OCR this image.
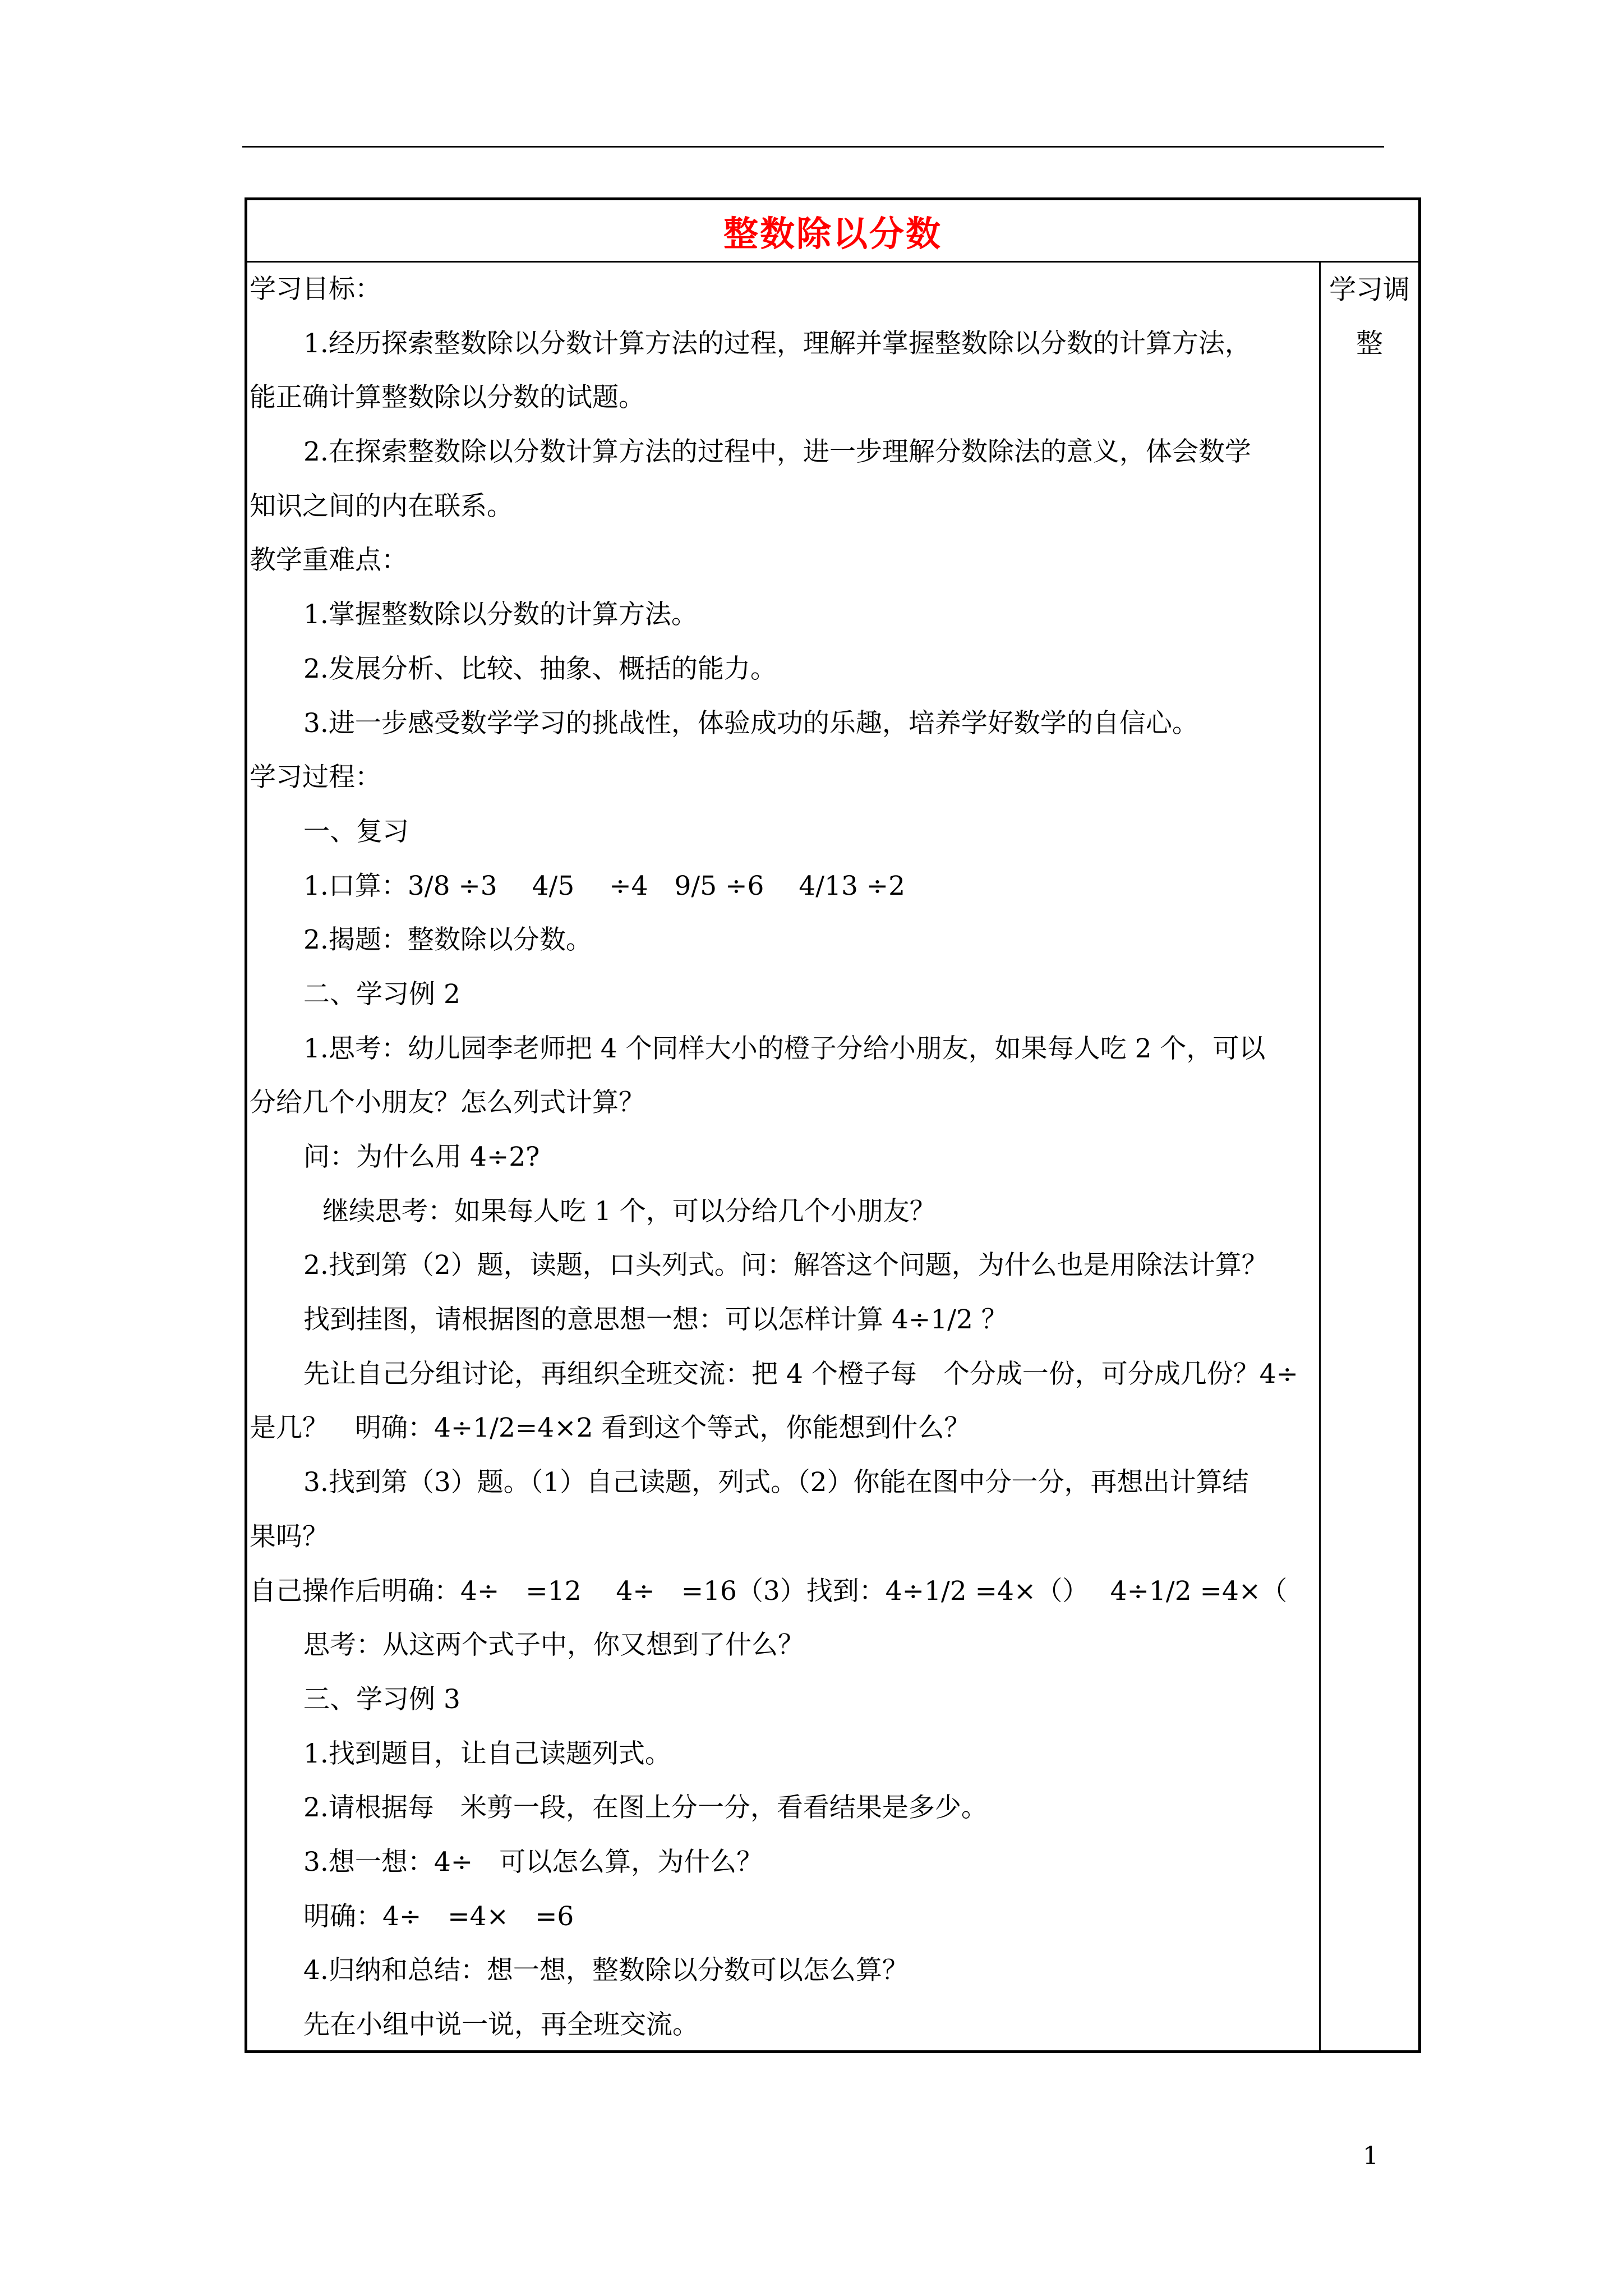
整数除以分数
学习目标：
1.经历探索整数除以分数计算方法的过程，理解并掌握整数除以分数的计算方法，
能正确计算整数除以分数的试题。
2.在探索整数除以分数计算方法的过程中，进一步理解分数除法的意义，体会数学
知识之间的内在联系。
教学重难点：
1.掌握整数除以分数的计算方法。
2.发展分析、比较、抽象、概括的能力。
3.进一步感受数学学习的挑战性，体验成功的乐趣，培养学好数学的自信心。
学习过程：
一、复习
1.口算：3/8 ÷3　 4/5　 ÷4　9/5 ÷6　 4/13 ÷2
2.揭题：整数除以分数。
二、学习例 2
1.思考：幼儿园李老师把 4 个同样大小的橙子分给小朋友，如果每人吃 2 个，可以
分给几个小朋友？怎么列式计算？
问：为什么用 4÷2?
继续思考：如果每人吃 1 个，可以分给几个小朋友？
2.找到第（2）题，读题，口头列式。问：解答这个问题，为什么也是用除法计算？
找到挂图，请根据图的意思想一想：可以怎样计算 4÷1/2 ？
先让自己分组讨论，再组织全班交流：把 4 个橙子每　个分成一份，可分成几份？4÷
是几？　明确：4÷1/2=4×2 看到这个等式，你能想到什么？
3.找到第（3）题。（1）自己读题，列式。（2）你能在图中分一分，再想出计算结
果吗？
自己操作后明确：4÷　=12　 4÷　=16（3）找到：4÷1/2 =4×（）　 4÷1/2 =4×（
思考：从这两个式子中，你又想到了什么？
三、学习例 3
1.找到题目，让自己读题列式。
2.请根据每　米剪一段，在图上分一分，看看结果是多少。
3.想一想：4÷　可以怎么算，为什么？
明确：4÷　=4×　=6
4.归纳和总结：想一想，整数除以分数可以怎么算？
先在小组中说一说，再全班交流。
学习调整
1
